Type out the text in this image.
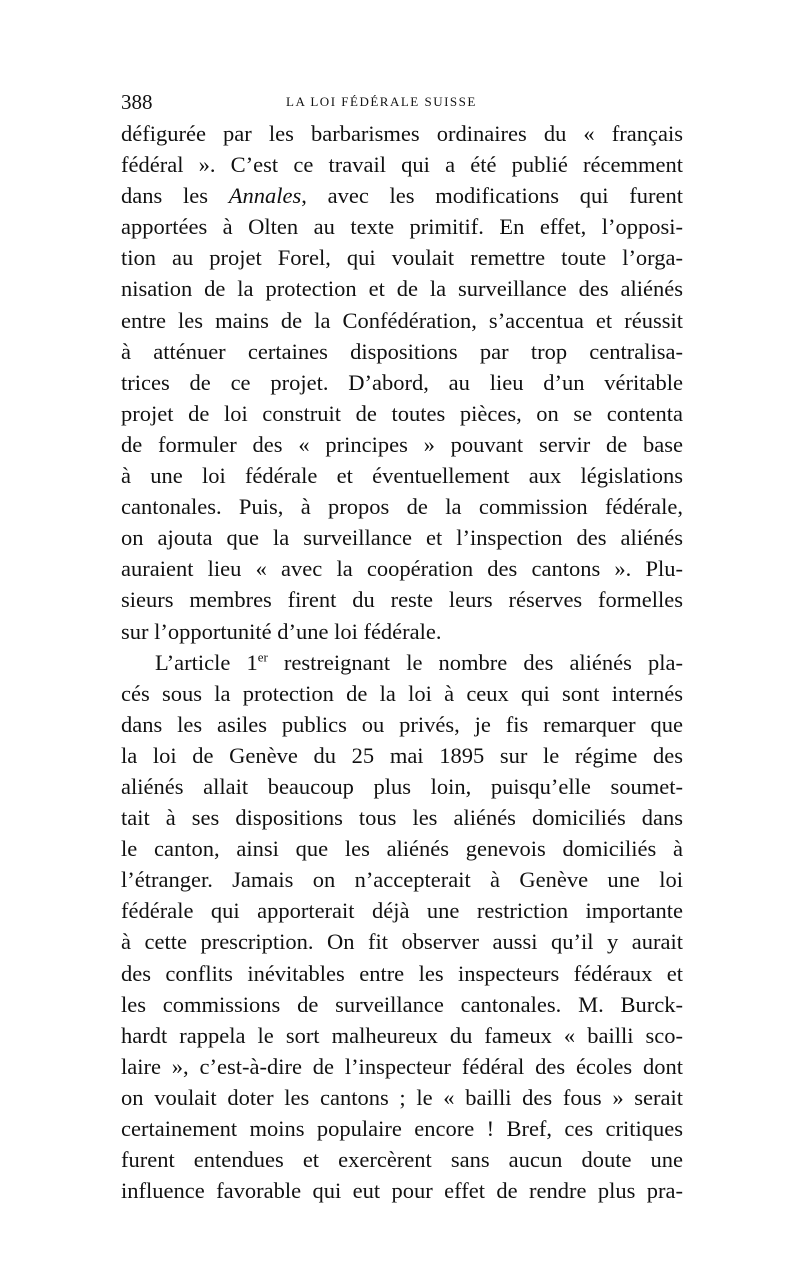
388	LA LOI FÉDÉRALE SUISSE
défigurée par les barbarismes ordinaires du « français
fédéral ». C’est ce travail qui a été publié récemment
dans les Annales, avec les modifications qui furent
apportées à Olten au texte primitif. En effet, l’opposi-
tion au projet Forel, qui voulait remettre toute l’orga-
nisation de la protection et de la surveillance des aliénés
entre les mains de la Confédération, s’accentua et réussit
à atténuer certaines dispositions par trop centralisa-
trices de ce projet. D’abord, au lieu d’un véritable
projet de loi construit de toutes pièces, on se contenta
de formuler des « principes » pouvant servir de base
à une loi fédérale et éventuellement aux législations
cantonales. Puis, à propos de la commission fédérale,
on ajouta que la surveillance et l’inspection des aliénés
auraient lieu « avec la coopération des cantons ». Plu-
sieurs membres firent du reste leurs réserves formelles
sur l’opportunité d’une loi fédérale.
L’article 1er restreignant le nombre des aliénés pla-
cés sous la protection de la loi à ceux qui sont internés
dans les asiles publics ou privés, je fis remarquer que
la loi de Genève du 25 mai 1895 sur le régime des
aliénés allait beaucoup plus loin, puisqu’elle soumet-
tait à ses dispositions tous les aliénés domiciliés dans
le canton, ainsi que les aliénés genevois domiciliés à
l’étranger. Jamais on n’accepterait à Genève une loi
fédérale qui apporterait déjà une restriction importante
à cette prescription. On fit observer aussi qu’il y aurait
des conflits inévitables entre les inspecteurs fédéraux et
les commissions de surveillance cantonales. M. Burck-
hardt rappela le sort malheureux du fameux « bailli sco-
laire », c’est-à-dire de l’inspecteur fédéral des écoles dont
on voulait doter les cantons ; le « bailli des fous » serait
certainement moins populaire encore ! Bref, ces critiques
furent entendues et exercèrent sans aucun doute une
influence favorable qui eut pour effet de rendre plus pra-
